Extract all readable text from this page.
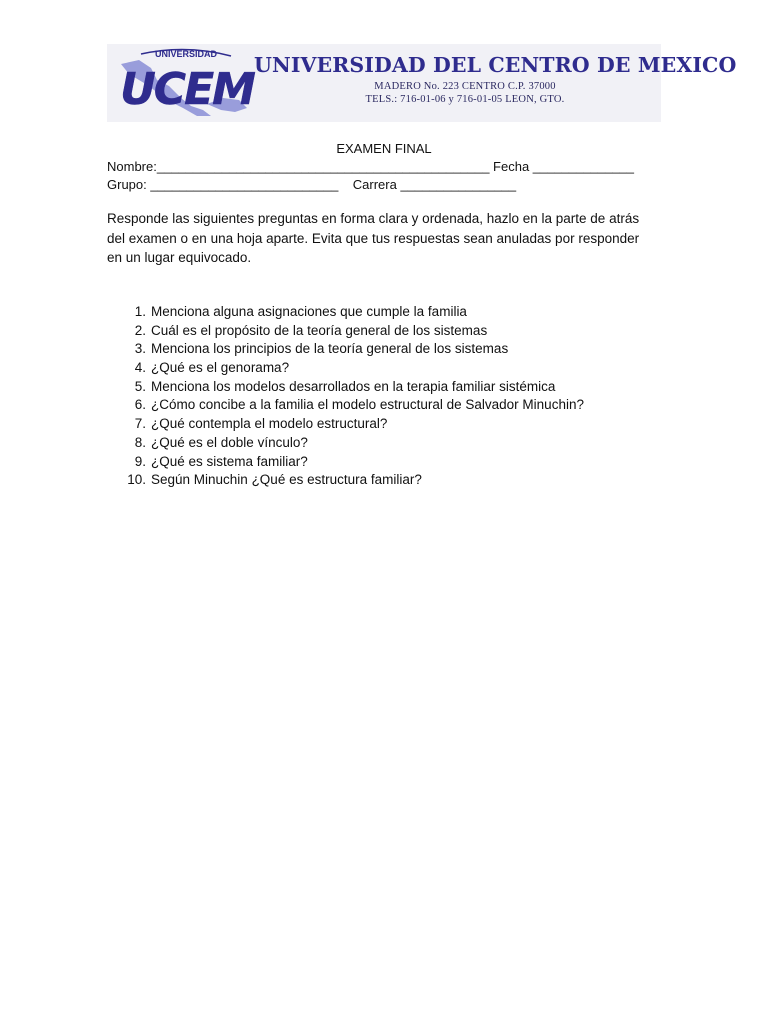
UNIVERSIDAD
UCEM UNIVERSIDAD DEL CENTRO DE MEXICO
MADERO No. 223 CENTRO C.P. 37000
TELS.: 716-01-06 y 716-01-05 LEON, GTO.
EXAMEN FINAL
Nombre:______________________________________________ Fecha ______________
Grupo: __________________________    Carrera ________________
Responde las siguientes preguntas en forma clara y ordenada, hazlo en la parte de atrás
del examen o en una hoja aparte. Evita que tus respuestas sean anuladas por responder
en un lugar equivocado.
1. Menciona alguna asignaciones que cumple la familia
2. Cuál es el propósito de la teoría general de los sistemas
3. Menciona los principios de la teoría general de los sistemas
4. ¿Qué es el genorama?
5. Menciona los modelos desarrollados en la terapia familiar sistémica
6. ¿Cómo concibe a la familia el modelo estructural de Salvador Minuchin?
7. ¿Qué contempla el modelo estructural?
8. ¿Qué es el doble vínculo?
9. ¿Qué es sistema familiar?
10. Según Minuchin ¿Qué es estructura familiar?
